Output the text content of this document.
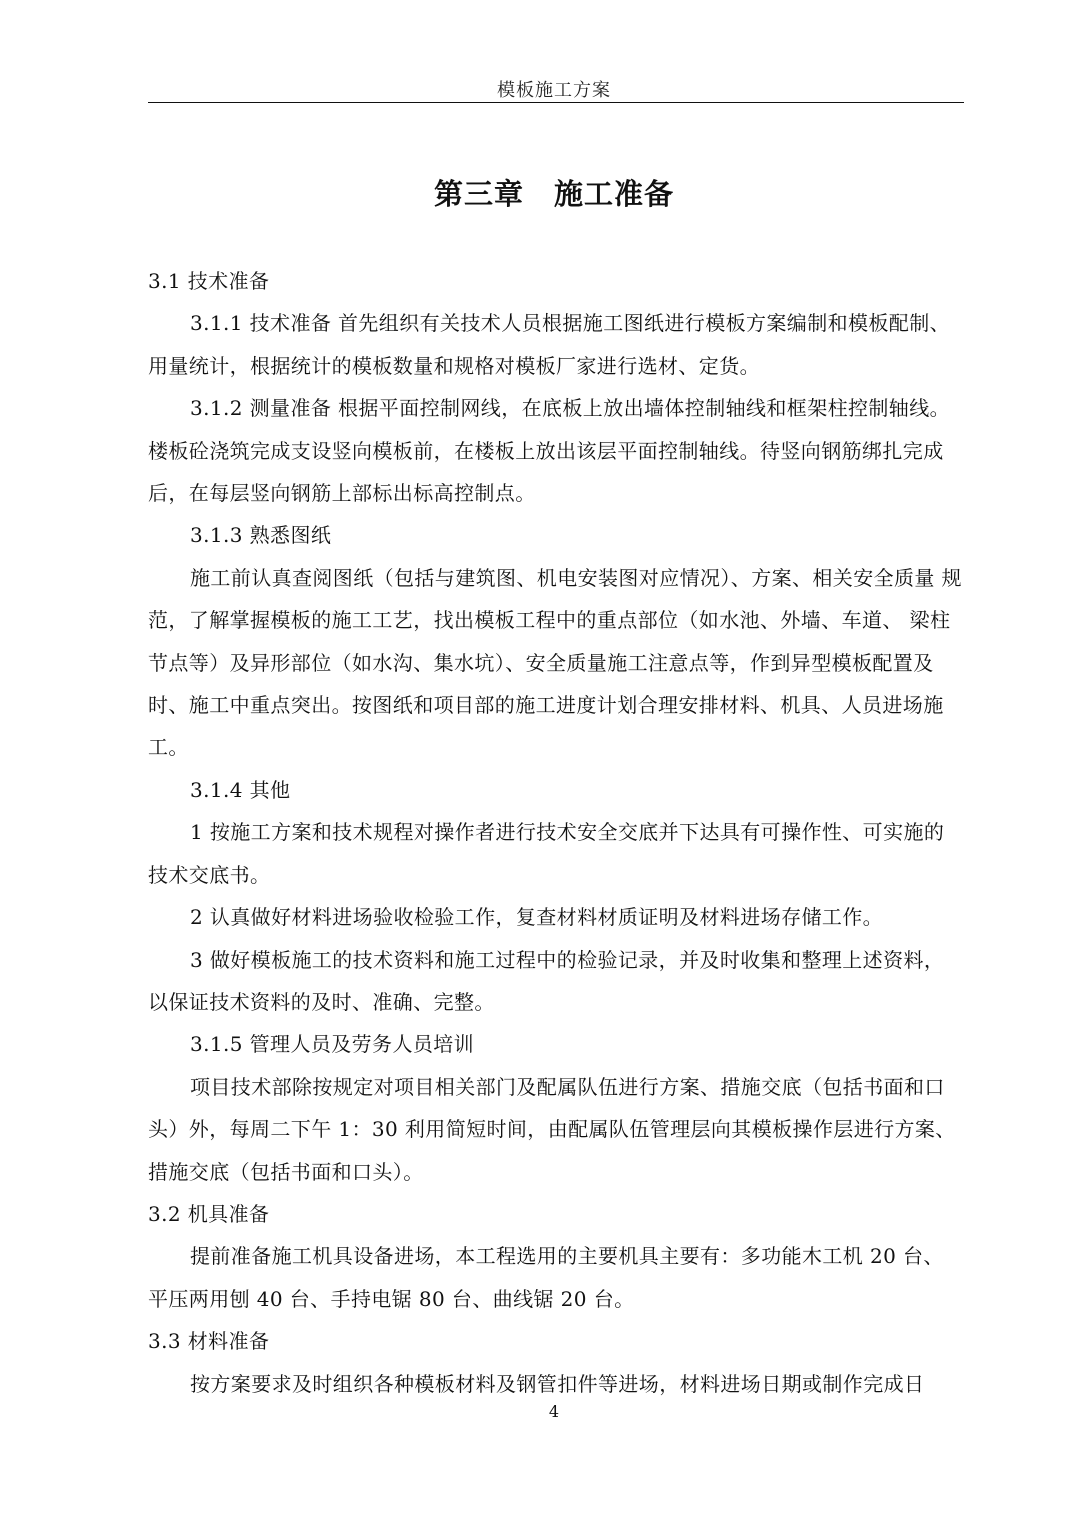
模板施工方案
第三章 施工准备

3.1 技术准备

3.1.1 技术准备 首先组织有关技术人员根据施工图纸进行模板方案编制和模板配制、用量统计，根据统计的模板数量和规格对模板厂家进行选材、定货。

3.1.2 测量准备 根据平面控制网线，在底板上放出墙体控制轴线和框架柱控制轴线。楼板砼浇筑完成支设竖向模板前，在楼板上放出该层平面控制轴线。待竖向钢筋绑扎完成后，在每层竖向钢筋上部标出标高控制点。

3.1.3 熟悉图纸

施工前认真查阅图纸（包括与建筑图、机电安装图对应情况）、方案、相关安全质量 规范，了解掌握模板的施工工艺，找出模板工程中的重点部位（如水池、外墙、车道、 梁柱节点等）及异形部位（如水沟、集水坑）、安全质量施工注意点等，作到异型模板配置及时、施工中重点突出。按图纸和项目部的施工进度计划合理安排材料、机具、人员进场施工。

3.1.4 其他

1 按施工方案和技术规程对操作者进行技术安全交底并下达具有可操作性、可实施的技术交底书。

2 认真做好材料进场验收检验工作，复查材料材质证明及材料进场存储工作。

3 做好模板施工的技术资料和施工过程中的检验记录，并及时收集和整理上述资料， 以保证技术资料的及时、准确、完整。

3.1.5 管理人员及劳务人员培训

项目技术部除按规定对项目相关部门及配属队伍进行方案、措施交底（包括书面和口头）外，每周二下午 1：30 利用简短时间，由配属队伍管理层向其模板操作层进行方案、 措施交底（包括书面和口头）。

3.2 机具准备

提前准备施工机具设备进场，本工程选用的主要机具主要有：多功能木工机 20 台、平压两用刨 40 台、手持电锯 80 台、曲线锯 20 台。

3.3 材料准备

按方案要求及时组织各种模板材料及钢管扣件等进场，材料进场日期或制作完成日

4
